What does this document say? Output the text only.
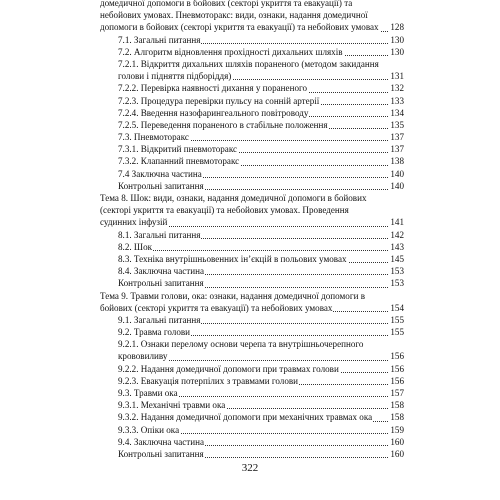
домедичної допомоги в бойових (секторі укриття та евакуації) та
небойових умовах. Пневмоторакс: види, ознаки, надання домедичної
допомоги в бойових (секторі укриття та евакуації) та небойових умовах 128
7.1. Загальні питання	130
7.2. Алгоритм відновлення прохідності дихальних шляхів	130
7.2.1. Відкриття дихальних шляхів пораненого (методом закидання
голови і підняття підборіддя)	131
7.2.2. Перевірка наявності дихання у пораненого	132
7.2.3. Процедура перевірки пульсу на сонній артерії	133
7.2.4. Введення назофарингеального повітроводу	134
7.2.5. Переведення пораненого в стабільне положення	135
7.3. Пневмоторакс	137
7.3.1. Відкритий пневмоторакс	137
7.3.2. Клапанний пневмоторакс	138
7.4 Заключна частина	140
Контрольні запитання	140
Тема 8. Шок: види, ознаки, надання домедичної допомоги в бойових
(секторі укриття та евакуації) та небойових умовах. Проведення
судинних інфузій	141
8.1. Загальні питання	142
8.2. Шок	143
8.3. Техніка внутрішньовенних ін’єкцій в польових умовах	145
8.4. Заключна частина	153
Контрольні запитання	153
Тема 9. Травми голови, ока: ознаки, надання домедичної допомоги в
бойових (секторі укриття та евакуації) та небойових умовах	154
9.1. Загальні питання	155
9.2. Травма голови	155
9.2.1. Ознаки перелому основи черепа та внутрішньочерепного
крововиливу	156
9.2.2. Надання домедичної допомоги при травмах голови	156
9.2.3. Евакуація потерпілих з травмами голови	156
9.3. Травми ока	157
9.3.1. Механічні травми ока	158
9.3.2. Надання домедичної допомоги при механічних травмах ока 158
9.3.3. Опіки ока	159
9.4. Заключна частина	160
Контрольні запитання	160
322
